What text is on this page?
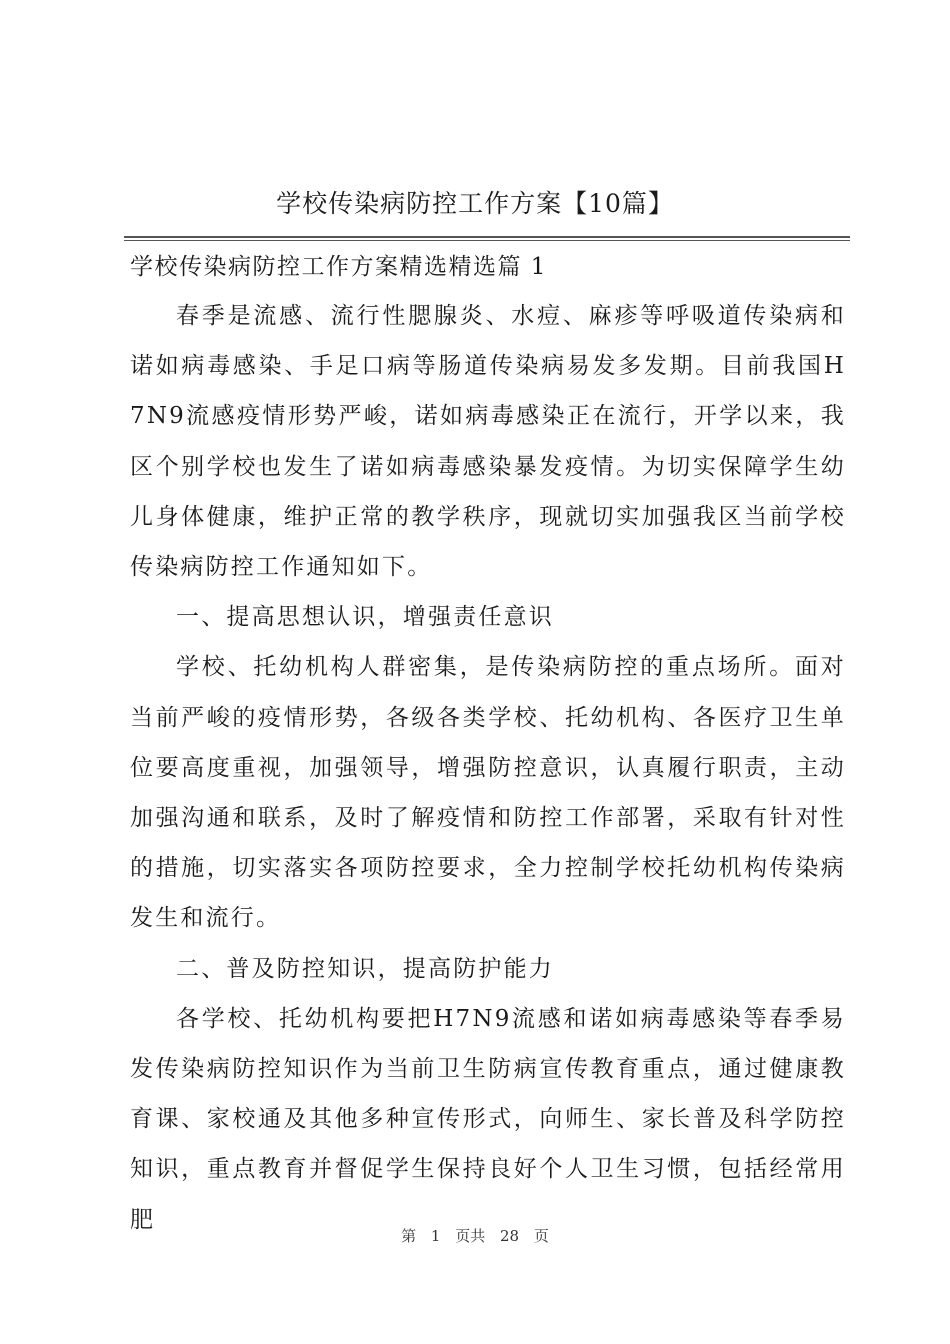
学校传染病防控工作方案【10篇】
学校传染病防控工作方案精选精选篇 1

春季是流感、流行性腮腺炎、水痘、麻疹等呼吸道传染病和诺如病毒感染、手足口病等肠道传染病易发多发期。目前我国H7N9流感疫情形势严峻，诺如病毒感染正在流行，开学以来，我区个别学校也发生了诺如病毒感染暴发疫情。为切实保障学生幼儿身体健康，维护正常的教学秩序，现就切实加强我区当前学校传染病防控工作通知如下。

一、提高思想认识，增强责任意识

学校、托幼机构人群密集，是传染病防控的重点场所。面对当前严峻的疫情形势，各级各类学校、托幼机构、各医疗卫生单位要高度重视，加强领导，增强防控意识，认真履行职责，主动加强沟通和联系，及时了解疫情和防控工作部署，采取有针对性的措施，切实落实各项防控要求，全力控制学校托幼机构传染病发生和流行。

二、普及防控知识，提高防护能力

各学校、托幼机构要把H7N9流感和诺如病毒感染等春季易发传染病防控知识作为当前卫生防病宣传教育重点，通过健康教育课、家校通及其他多种宣传形式，向师生、家长普及科学防控知识，重点教育并督促学生保持良好个人卫生习惯，包括经常用肥

第 1 页共 28 页
